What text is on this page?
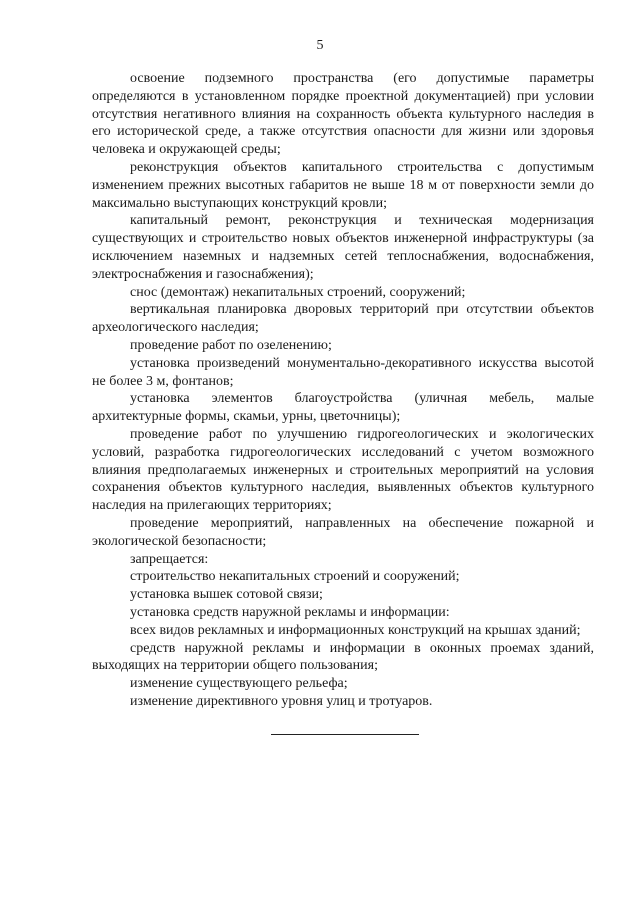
5

освоение подземного пространства (его допустимые параметры определяются в установленном порядке проектной документацией) при условии отсутствия негативного влияния на сохранность объекта культурного наследия в его исторической среде, а также отсутствия опасности для жизни или здоровья человека и окружающей среды;

реконструкция объектов капитального строительства с допустимым изменением прежних высотных габаритов не выше 18 м от поверхности земли до максимально выступающих конструкций кровли;

капитальный ремонт, реконструкция и техническая модернизация существующих и строительство новых объектов инженерной инфраструктуры (за исключением наземных и надземных сетей теплоснабжения, водоснабжения, электроснабжения и газоснабжения);

снос (демонтаж) некапитальных строений, сооружений;

вертикальная планировка дворовых территорий при отсутствии объектов археологического наследия;

проведение работ по озеленению;

установка произведений монументально-декоративного искусства высотой не более 3 м, фонтанов;

установка элементов благоустройства (уличная мебель, малые архитектурные формы, скамьи, урны, цветочницы);

проведение работ по улучшению гидрогеологических и экологических условий, разработка гидрогеологических исследований с учетом возможного влияния предполагаемых инженерных и строительных мероприятий на условия сохранения объектов культурного наследия, выявленных объектов культурного наследия на прилегающих территориях;

проведение мероприятий, направленных на обеспечение пожарной и экологической безопасности;

запрещается:

строительство некапитальных строений и сооружений;

установка вышек сотовой связи;

установка средств наружной рекламы и информации:

всех видов рекламных и информационных конструкций на крышах зданий;

средств наружной рекламы и информации в оконных проемах зданий, выходящих на территории общего пользования;

изменение существующего рельефа;

изменение директивного уровня улиц и тротуаров.
